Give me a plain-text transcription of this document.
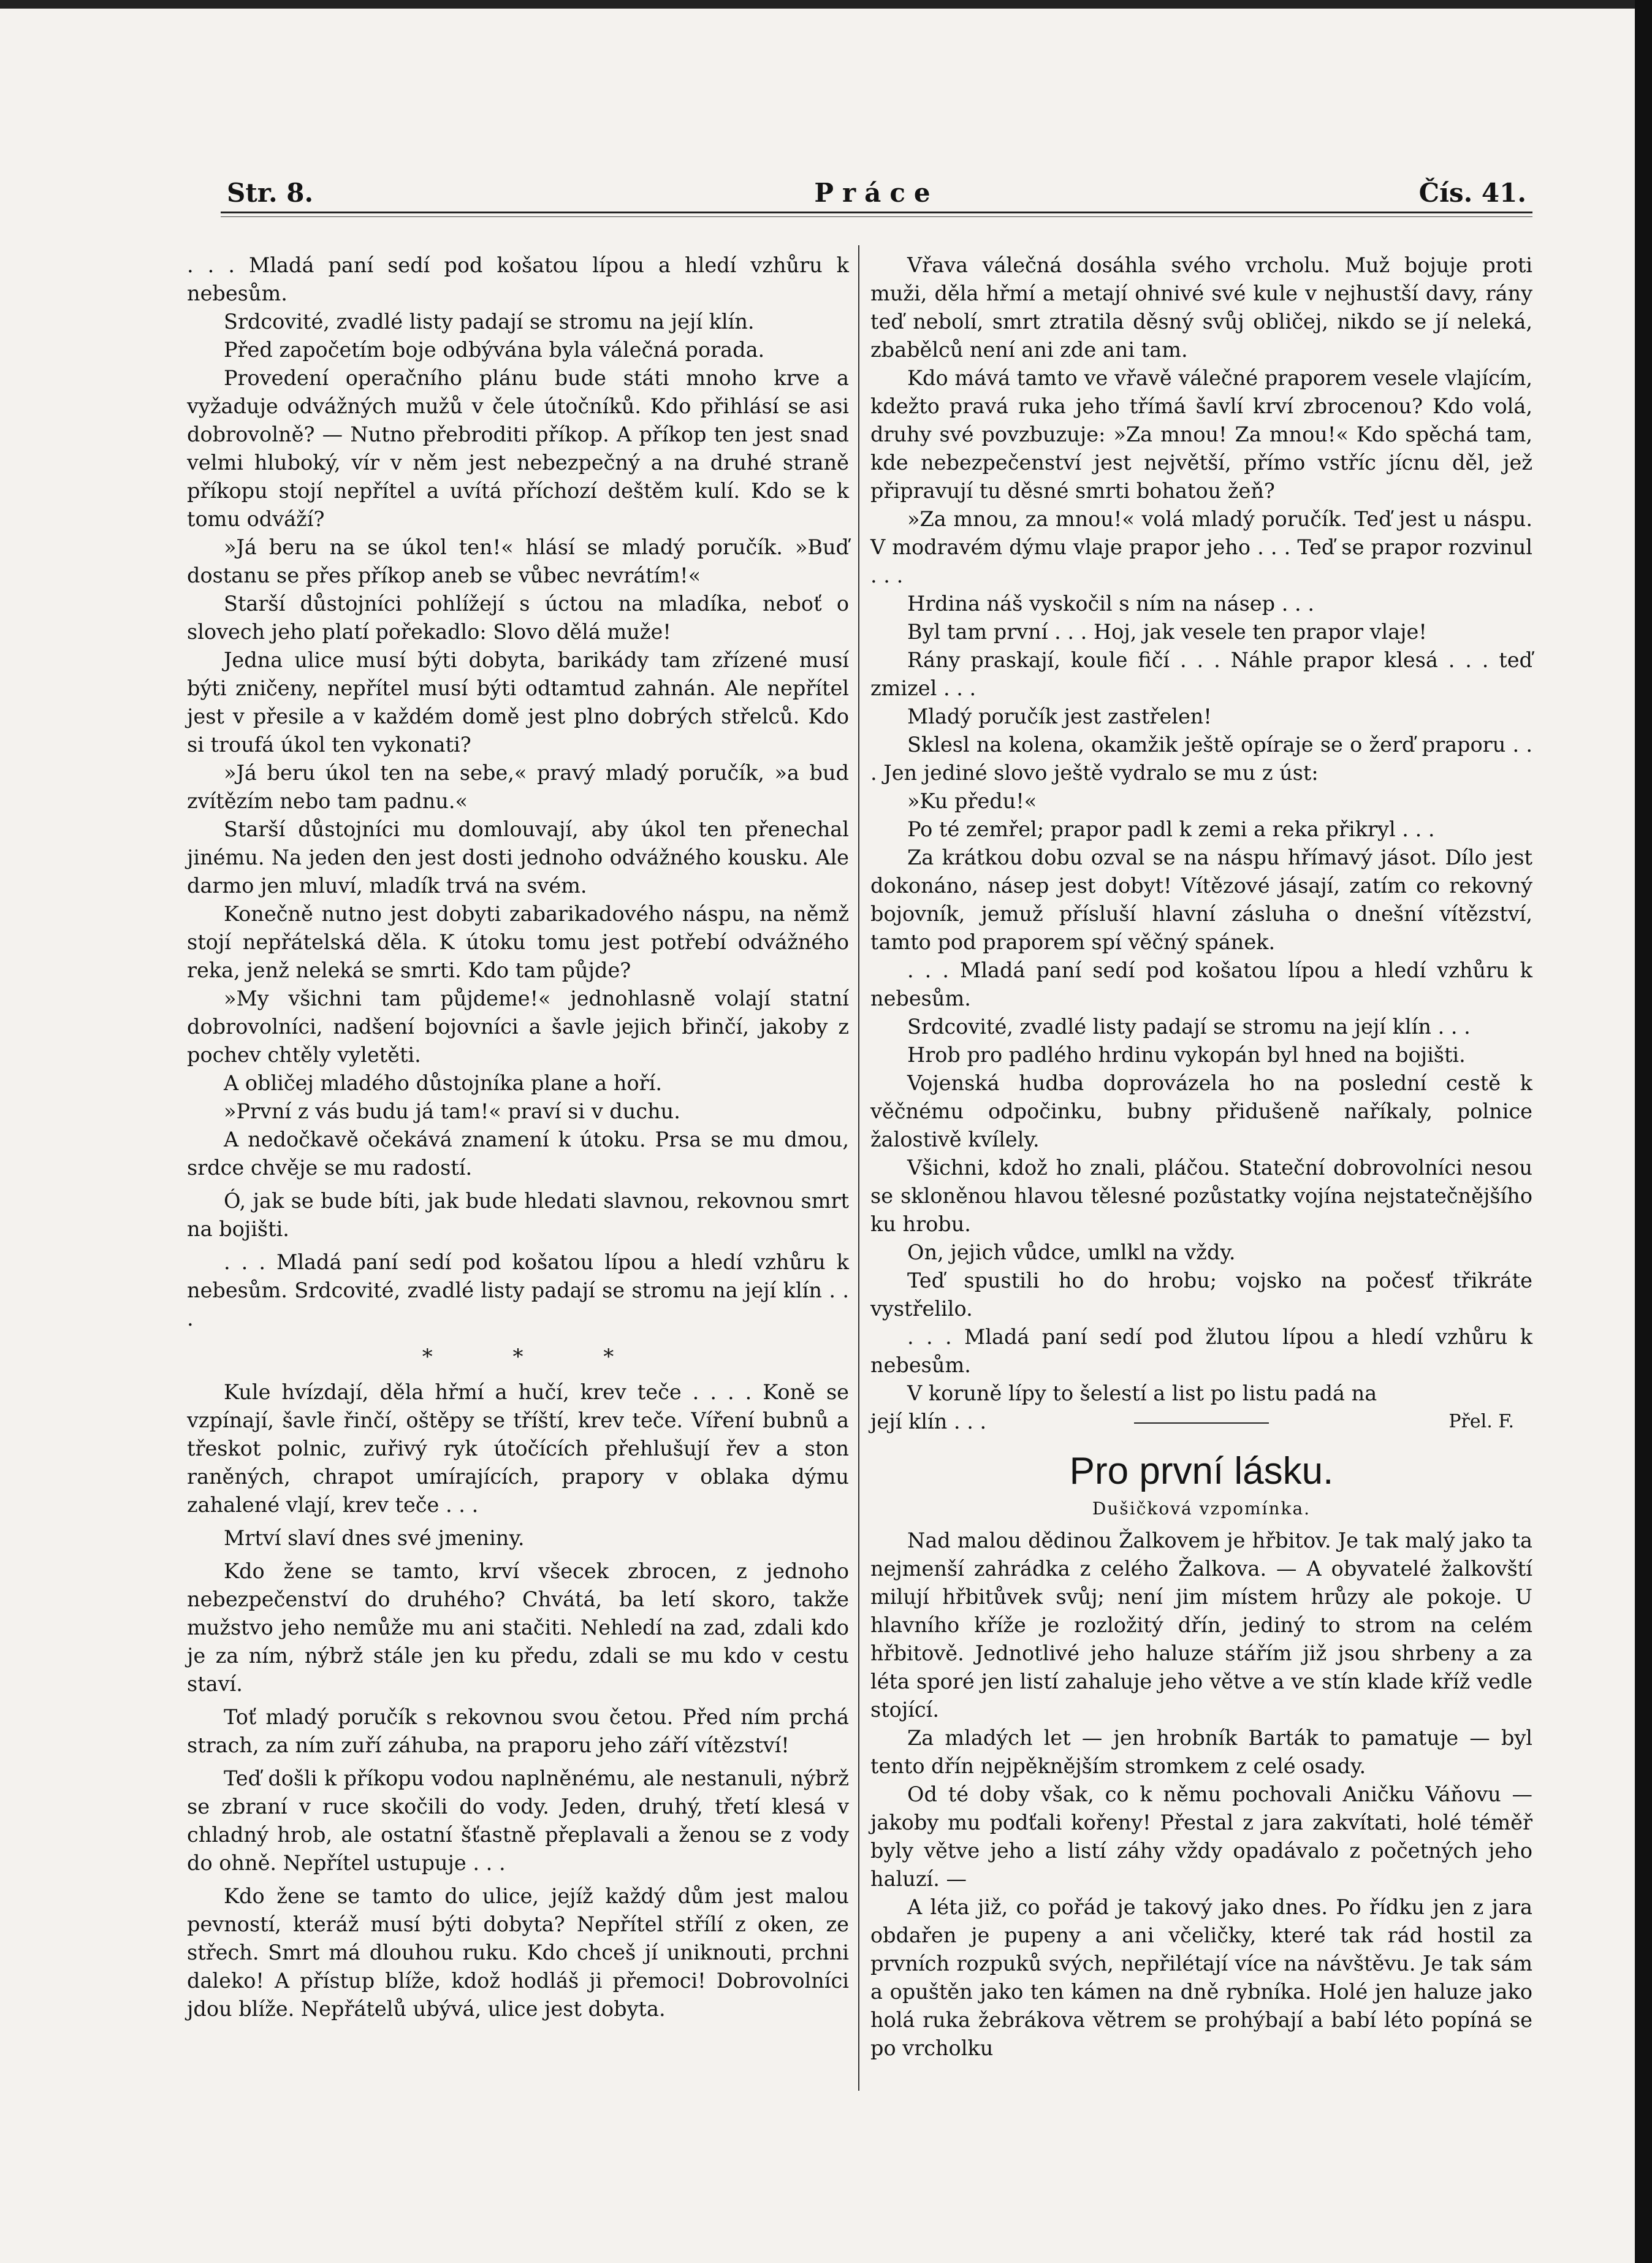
Str. 8.	Práce	Čís. 41.

. . . Mladá paní sedí pod košatou lípou a hledí vzhůru k nebesům.

Srdcovité, zvadlé listy padají se stromu na její klín.

Před započetím boje odbývána byla válečná porada.

Provedení operačního plánu bude státi mnoho krve a vyžaduje odvážných mužů v čele útočníků. Kdo přihlásí se asi dobrovolně? — Nutno přebroditi příkop. A příkop ten jest snad velmi hluboký, vír v něm jest nebezpečný a na druhé straně příkopu stojí nepřítel a uvítá příchozí deštěm kulí. Kdo se k tomu odváží?

»Já beru na se úkol ten!« hlásí se mladý poručík. »Buď dostanu se přes příkop aneb se vůbec nevrátím!«

Starší důstojníci pohlížejí s úctou na mladíka, neboť o slovech jeho platí pořekadlo: Slovo dělá muže!

Jedna ulice musí býti dobyta, barikády tam zřízené musí býti zničeny, nepřítel musí býti odtamtud zahnán. Ale nepřítel jest v přesile a v každém domě jest plno dobrých střelců. Kdo si troufá úkol ten vykonati?

»Já beru úkol ten na sebe,« pravý mladý poručík, »a bud zvítězím nebo tam padnu.«

Starší důstojníci mu domlouvají, aby úkol ten přenechal jinému. Na jeden den jest dosti jednoho odvážného kousku. Ale darmo jen mluví, mladík trvá na svém.

Konečně nutno jest dobyti zabarikadového náspu, na němž stojí nepřátelská děla. K útoku tomu jest potřebí odvážného reka, jenž neleká se smrti. Kdo tam půjde?

»My všichni tam půjdeme!« jednohlasně volají statní dobrovolníci, nadšení bojovníci a šavle jejich břinčí, jakoby z pochev chtěly vyletěti.

A obličej mladého důstojníka plane a hoří.

»První z vás budu já tam!« praví si v duchu.

A nedočkavě očekává znamení k útoku. Prsa se mu dmou, srdce chvěje se mu radostí.

Ó, jak se bude bíti, jak bude hledati slavnou, rekovnou smrt na bojišti.

. . . Mladá paní sedí pod košatou lípou a hledí vzhůru k nebesům. Srdcovité, zvadlé listy padají se stromu na její klín . . .

* * *

Kule hvízdají, děla hřmí a hučí, krev teče . . . . Koně se vzpínají, šavle řinčí, oštěpy se tříští, krev teče. Víření bubnů a třeskot polnic, zuřivý ryk útočících přehlušují řev a ston raněných, chrapot umírajících, prapory v oblaka dýmu zahalené vlají, krev teče . . .

Mrtví slaví dnes své jmeniny.

Kdo žene se tamto, krví všecek zbrocen, z jednoho nebezpečenství do druhého? Chvátá, ba letí skoro, takže mužstvo jeho nemůže mu ani stačiti. Nehledí na zad, zdali kdo je za ním, nýbrž stále jen ku předu, zdali se mu kdo v cestu staví.

Toť mladý poručík s rekovnou svou četou. Před ním prchá strach, za ním zuří záhuba, na praporu jeho září vítězství!

Teď došli k příkopu vodou naplněnému, ale nestanuli, nýbrž se zbraní v ruce skočili do vody. Jeden, druhý, třetí klesá v chladný hrob, ale ostatní šťastně přeplavali a ženou se z vody do ohně. Nepřítel ustupuje . . .

Kdo žene se tamto do ulice, jejíž každý dům jest malou pevností, kteráž musí býti dobyta? Nepřítel střílí z oken, ze střech. Smrt má dlouhou ruku. Kdo chceš jí uniknouti, prchni daleko! A přístup blíže, kdož hodláš ji přemoci! Dobrovolníci jdou blíže. Nepřátelů ubývá, ulice jest dobyta.

Vřava válečná dosáhla svého vrcholu. Muž bojuje proti muži, děla hřmí a metají ohnivé své kule v nejhustší davy, rány teď nebolí, smrt ztratila děsný svůj obličej, nikdo se jí neleká, zbabělců není ani zde ani tam.

Kdo mává tamto ve vřavě válečné praporem vesele vlajícím, kdežto pravá ruka jeho třímá šavlí krví zbrocenou? Kdo volá, druhy své povzbuzuje: »Za mnou! Za mnou!« Kdo spěchá tam, kde nebezpečenství jest největší, přímo vstříc jícnu děl, jež připravují tu děsné smrti bohatou žeň?

»Za mnou, za mnou!« volá mladý poručík. Teď jest u náspu. V modravém dýmu vlaje prapor jeho . . . Teď se prapor rozvinul . . .

Hrdina náš vyskočil s ním na násep . . .

Byl tam první . . . Hoj, jak vesele ten prapor vlaje!

Rány praskají, koule fičí . . . Náhle prapor klesá . . . teď zmizel . . .

Mladý poručík jest zastřelen!

Sklesl na kolena, okamžik ještě opíraje se o žerď praporu . . . Jen jediné slovo ještě vydralo se mu z úst:

»Ku předu!«

Po té zemřel; prapor padl k zemi a reka přikryl . . .

Za krátkou dobu ozval se na náspu hřímavý jásot. Dílo jest dokonáno, násep jest dobyt! Vítězové jásají, zatím co rekovný bojovník, jemuž přísluší hlavní zásluha o dnešní vítězství, tamto pod praporem spí věčný spánek.

. . . Mladá paní sedí pod košatou lípou a hledí vzhůru k nebesům.

Srdcovité, zvadlé listy padají se stromu na její klín . . .

Hrob pro padlého hrdinu vykopán byl hned na bojišti.

Vojenská hudba doprovázela ho na poslední cestě k věčnému odpočinku, bubny přidušeně naříkaly, polnice žalostivě kvílely.

Všichni, kdož ho znali, pláčou. Stateční dobrovolníci nesou se skloněnou hlavou tělesné pozůstatky vojína nejstatečnějšího ku hrobu.

On, jejich vůdce, umlkl na vždy.

Teď spustili ho do hrobu; vojsko na počesť třikráte vystřelilo.

. . . Mladá paní sedí pod žlutou lípou a hledí vzhůru k nebesům.

V koruně lípy to šelestí a list po listu padá na

její klín . . .	Přel. F.
Pro první lásku.
Dušičková vzpomínka.

Nad malou dědinou Žalkovem je hřbitov. Je tak malý jako ta nejmenší zahrádka z celého Žalkova. — A obyvatelé žalkovští milují hřbitůvek svůj; není jim místem hrůzy ale pokoje. U hlavního kříže je rozložitý dřín, jediný to strom na celém hřbitově. Jednotlivé jeho haluze stářím již jsou shrbeny a za léta sporé jen listí zahaluje jeho větve a ve stín klade kříž vedle stojící.

Za mladých let — jen hrobník Barták to pamatuje — byl tento dřín nejpěknějším stromkem z celé osady.

Od té doby však, co k němu pochovali Aničku Váňovu — jakoby mu podťali kořeny! Přestal z jara zakvítati, holé téměř byly větve jeho a listí záhy vždy opadávalo z početných jeho haluzí. —

A léta již, co pořád je takový jako dnes. Po řídku jen z jara obdařen je pupeny a ani včeličky, které tak rád hostil za prvních rozpuků svých, nepřilétají více na návštěvu. Je tak sám a opuštěn jako ten kámen na dně rybníka. Holé jen haluze jako holá ruka žebrákova větrem se prohýbají a babí léto popíná se po vrcholku
